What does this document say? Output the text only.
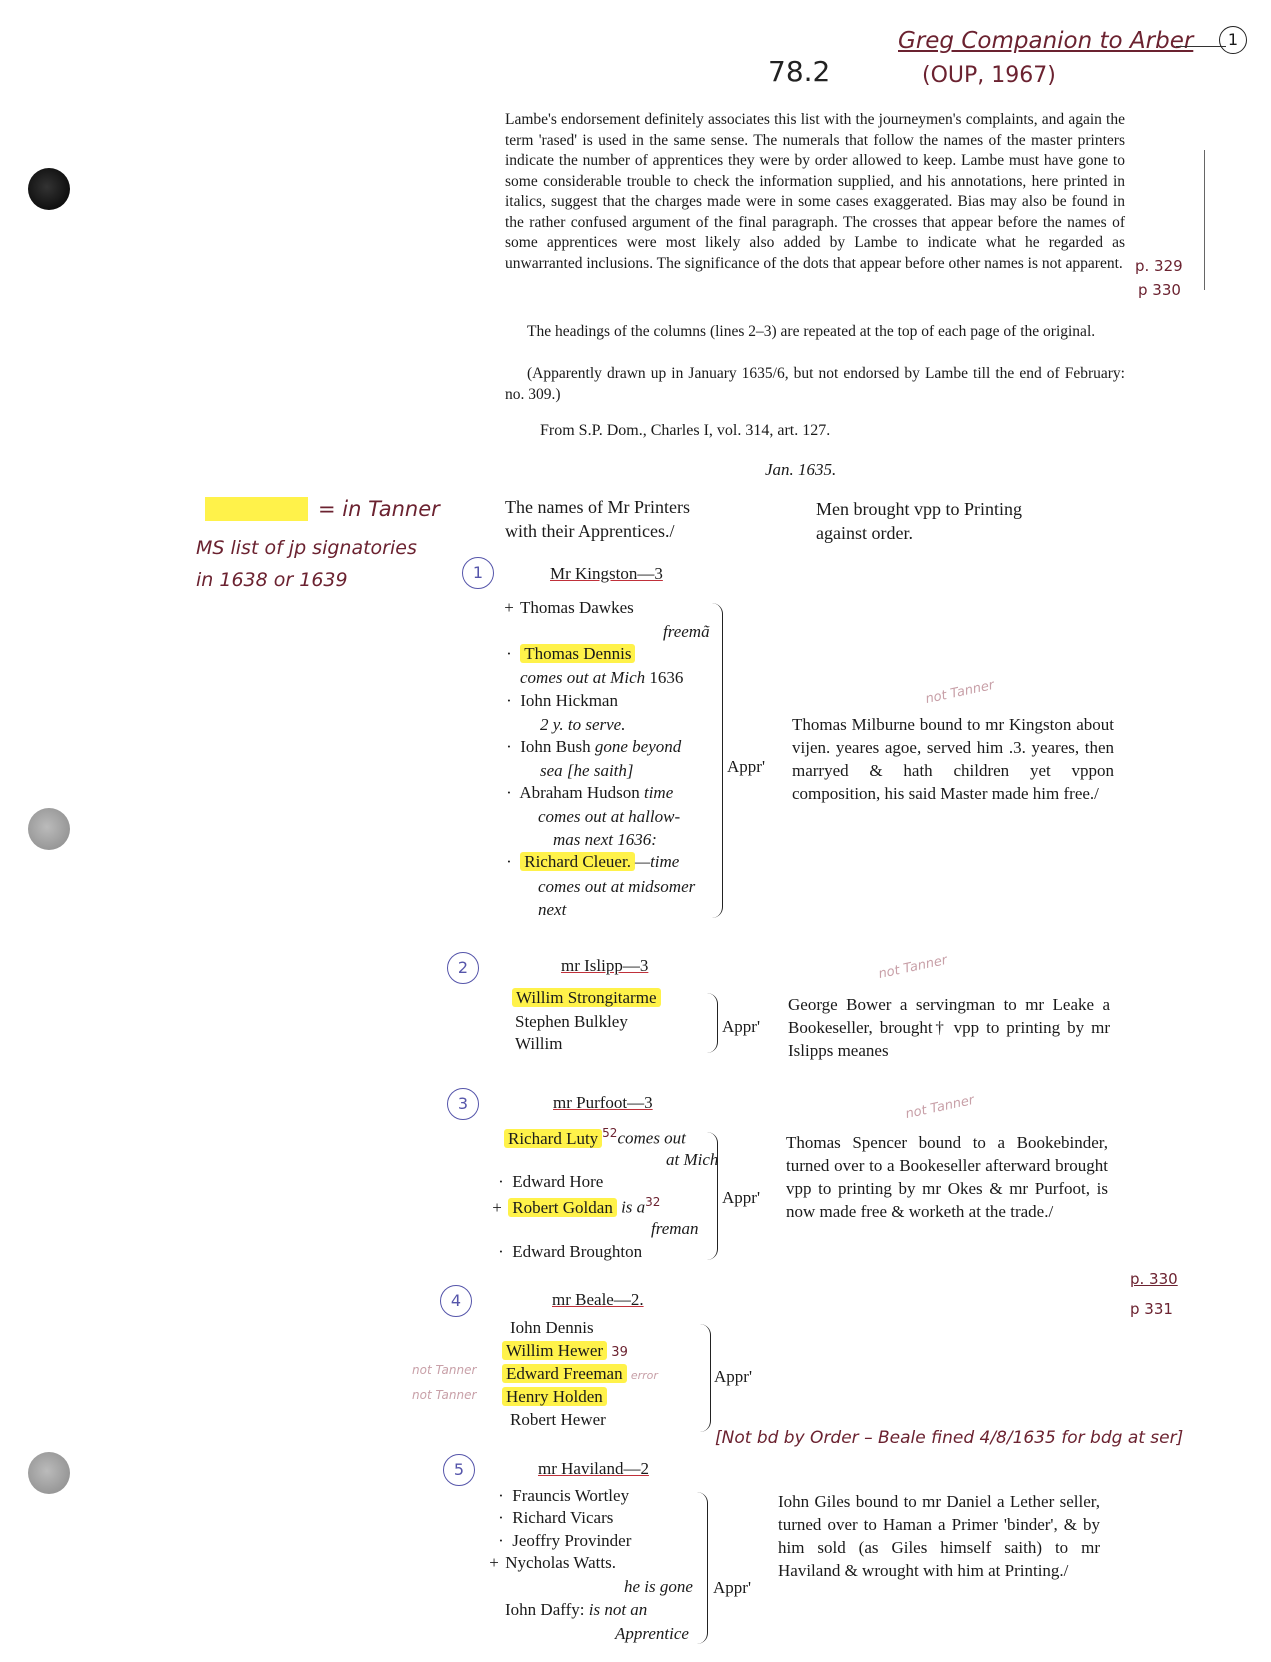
78.2
Greg Companion to Arber
(OUP, 1967)
1
Lambe's endorsement definitely associates this list with the journeymen's complaints, and again the term 'rased' is used in the same sense. The numerals that follow the names of the master printers indicate the number of apprentices they were by order allowed to keep. Lambe must have gone to some considerable trouble to check the information supplied, and his annotations, here printed in italics, suggest that the charges made were in some cases exaggerated. Bias may also be found in the rather confused argument of the final paragraph. The crosses that appear before the names of some apprentices were most likely also added by Lambe to indicate what he regarded as unwarranted inclusions. The significance of the dots that appear before other names is not apparent.
The headings of the columns (lines 2–3) are repeated at the top of each page of the original.
(Apparently drawn up in January 1635/6, but not endorsed by Lambe till the end of February: no. 309.)
From S.P. Dom., Charles I, vol. 314, art. 127.
Jan. 1635.
p. 329
p 330
= in Tanner
MS list of jp signatories
in 1638 or 1639
The names of Mr Printers
with their Apprentices./
Men brought vpp to Printing
against order.
1	Mr Kingston—3
+ Thomas Dawkes
freemã
· Thomas Dennis
comes out at Mich 1636
· Iohn Hickman
2 y. to serve.
· Iohn Bush gone beyond
sea [he saith]
· Abraham Hudson time
comes out at hallow-
mas next 1636:
· Richard Cleuer. —time
comes out at midsomer
next
Appr'
not Tanner
Thomas Milburne bound to mr Kingston about vijen. yeares agoe, served him .3. yeares, then marryed & hath children yet vppon composition, his said Master made him free./
2	mr Islipp—3
Willim Strongitarme
Stephen Bulkley
Willim
Appr'
not Tanner
George Bower a servingman to mr Leake a Bookeseller, brought† vpp to printing by mr Islipps meanes
3	mr Purfoot—3
Richard Luty $^{52}$comes out
at Mich
· Edward Hore
+ Robert Goldan is $a^{32}$
freman
· Edward Broughton
Appr'
not Tanner
Thomas Spencer bound to a Bookebinder, turned over to a Bookeseller afterward brought vpp to printing by mr Okes & mr Purfoot, is now made free & worketh at the trade./
4	mr Beale—2.
Iohn Dennis
Willim Hewer 39
Edward Freeman error
Henry Holden
Robert Hewer
not Tanner
not Tanner
Appr'
[Not bd by Order – Beale fined 4/8/1635 for bdg at ser]
p. 330
p 331
5	mr Haviland—2
· Frauncis Wortley
· Richard Vicars
· Jeoffry Provinder
+ Nycholas Watts.
he is gone
Iohn Daffy: is not an
Apprentice
Appr'
Iohn Giles bound to mr Daniel a Lether seller, turned over to Haman a Primer 'binder', & by him sold (as Giles himself saith) to mr Haviland & wrought with him at Printing./
